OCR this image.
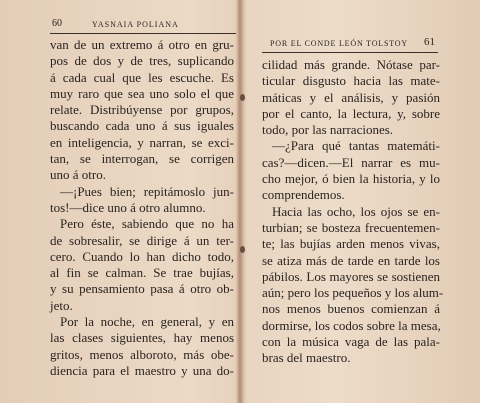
60	YASNAIA POLIANA
van de un extremo á otro en gru-
pos de dos y de tres, suplicando
á cada cual que les escuche. Es
muy raro que sea uno solo el que
relate. Distribúyense por grupos,
buscando cada uno á sus iguales
en inteligencia, y narran, se exci-
tan, se interrogan, se corrigen
uno á otro.
—¡Pues bien; repitámoslo jun-
tos!—dice uno á otro alumno.
Pero éste, sabiendo que no ha
de sobresalir, se dirige á un ter-
cero. Cuando lo han dicho todo,
al fin se calman. Se trae bujías,
y su pensamiento pasa á otro ob-
jeto.
Por la noche, en general, y en
las clases siguientes, hay menos
gritos, menos alboroto, más obe-
diencia para el maestro y una do-
POR EL CONDE LEÓN TOLSTOY 61
cilidad más grande. Nótase par-
ticular disgusto hacia las mate-
máticas y el análisis, y pasión
por el canto, la lectura, y, sobre
todo, por las narraciones.
—¿Para qué tantas matemáti-
cas?—dicen.—El narrar es mu-
cho mejor, ó bien la historia, y lo
comprendemos.
Hacia las ocho, los ojos se en-
turbian; se bosteza frecuentemen-
te; las bujías arden menos vivas,
se atiza más de tarde en tarde los
pábilos. Los mayores se sostienen
aún; pero los pequeños y los alum-
nos menos buenos comienzan á
dormirse, los codos sobre la mesa,
con la música vaga de las pala-
bras del maestro.
